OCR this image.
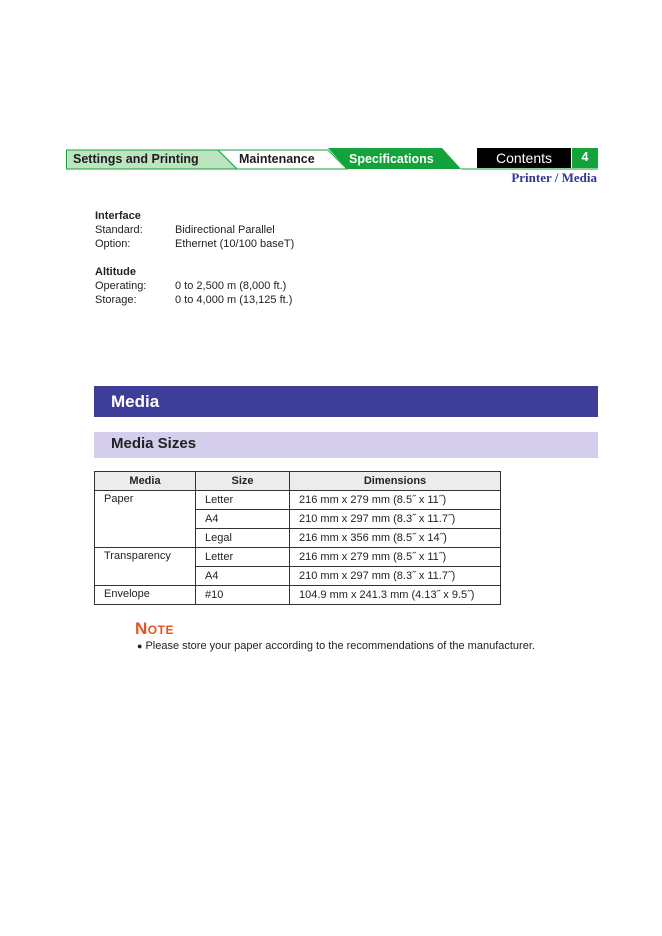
Settings and Printing	Maintenance	Specifications	Contents	4
Printer / Media
Interface
Standard:	Bidirectional Parallel
Option:	Ethernet (10/100 baseT)
Altitude
Operating:	0 to 2,500 m (8,000 ft.)
Storage:	0 to 4,000 m (13,125 ft.)
Media
Media Sizes
Media	Size	Dimensions
Paper	Letter	216 mm x 279 mm (8.5˝ x 11˝)
	A4	210 mm x 297 mm (8.3˝ x 11.7˝)
	Legal	216 mm x 356 mm (8.5˝ x 14˝)
Transparency	Letter	216 mm x 279 mm (8.5˝ x 11˝)
	A4	210 mm x 297 mm (8.3˝ x 11.7˝)
Envelope	#10	104.9 mm x 241.3 mm (4.13˝ x 9.5˝)
NOTE
● Please store your paper according to the recommendations of the manufacturer.
